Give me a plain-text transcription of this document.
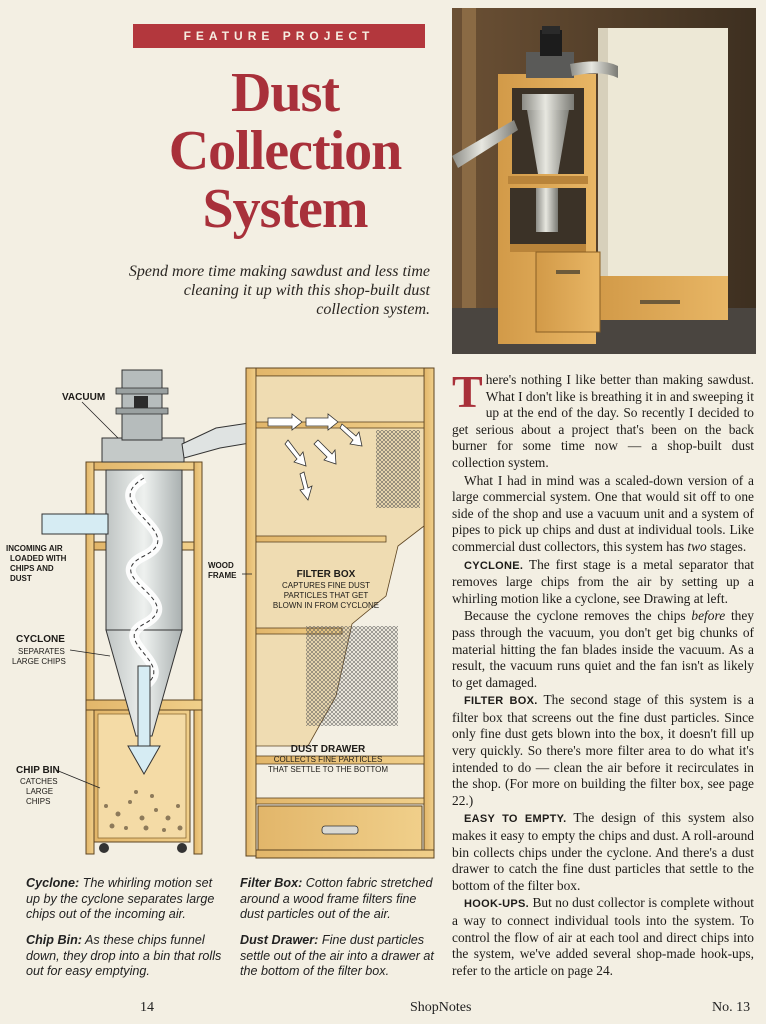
FEATURE PROJECT
Dust
Collection
System
Spend more time making sawdust and less time cleaning it up with this shop-built dust collection system.
VACUUM
INCOMING AIR
LOADED WITH
CHIPS AND
DUST
CYCLONE
SEPARATES
LARGE CHIPS
CHIP BIN
CATCHES
LARGE
CHIPS
WOOD
FRAME	FILTER BOX
CAPTURES FINE DUST
PARTICLES THAT GET
BLOWN IN FROM CYCLONE
DUST DRAWER
COLLECTS FINE PARTICLES
THAT SETTLE TO THE BOTTOM
Cyclone: The whirling motion set up by the cyclone separates large chips out of the incoming air.
Chip Bin: As these chips funnel down, they drop into a bin that rolls out for easy emptying.
Filter Box: Cotton fabric stretched around a wood frame filters fine dust particles out of the air.
Dust Drawer: Fine dust particles settle out of the air into a drawer at the bottom of the filter box.

There's nothing I like better than making sawdust. What I don't like is breathing it in and sweeping it up at the end of the day. So recently I decided to get serious about a project that's been on the back burner for some time now — a shop-built dust collection system.

What I had in mind was a scaled-down version of a large commercial system. One that would sit off to one side of the shop and use a vacuum unit and a system of pipes to pick up chips and dust at individual tools. Like commercial dust collectors, this system has two stages.

CYCLONE. The first stage is a metal separator that removes large chips from the air by setting up a whirling motion like a cyclone, see Drawing at left.

Because the cyclone removes the chips before they pass through the vacuum, you don't get big chunks of material hitting the fan blades inside the vacuum. As a result, the vacuum runs quiet and the fan isn't as likely to get damaged.

FILTER BOX. The second stage of this system is a filter box that screens out the fine dust particles. Since only fine dust gets blown into the box, it doesn't fill up very quickly. So there's more filter area to do what it's intended to do — clean the air before it recirculates in the shop. (For more on building the filter box, see page 22.)

EASY TO EMPTY. The design of this system also makes it easy to empty the chips and dust. A roll-around bin collects chips under the cyclone. And there's a dust drawer to catch the fine dust particles that settle to the bottom of the filter box.

HOOK-UPS. But no dust collector is complete without a way to connect individual tools into the system. To control the flow of air at each tool and direct chips into the system, we've added several shop-made hook-ups, refer to the article on page 24.

14	ShopNotes	No. 13
